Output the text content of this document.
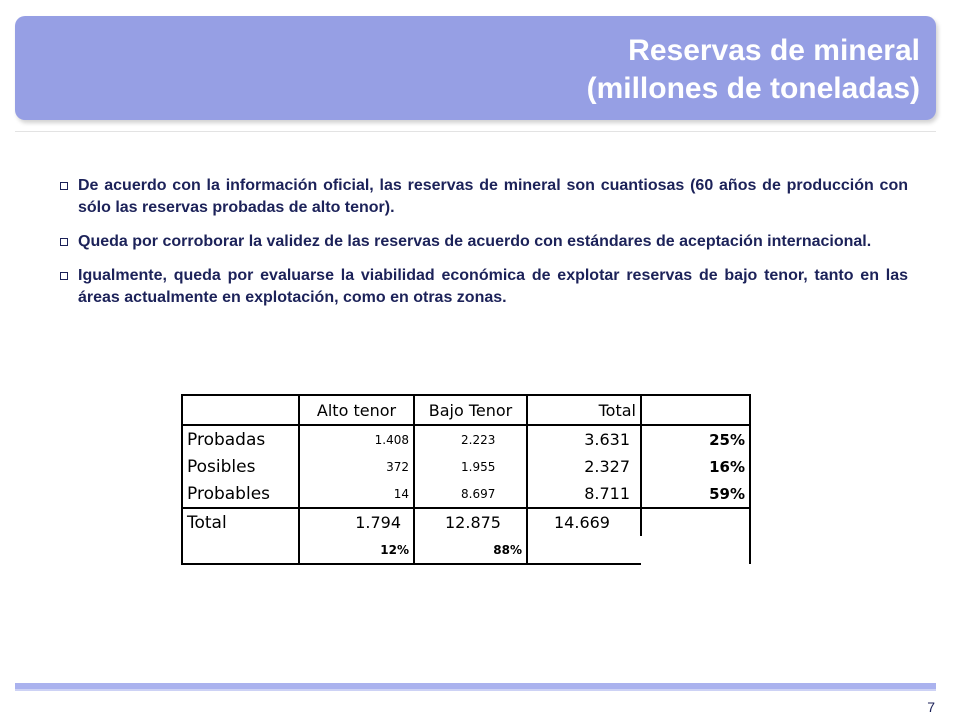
Reservas de mineral
(millones de toneladas)
De acuerdo con la información oficial, las reservas de mineral son cuantiosas (60 años de producción con sólo las reservas probadas de alto tenor).
Queda por corroborar la validez de las reservas de acuerdo con estándares de aceptación internacional.
Igualmente, queda por evaluarse la viabilidad económica de explotar reservas de bajo tenor, tanto en las áreas actualmente en explotación, como en otras zonas.
	Alto tenor	Bajo Tenor	Total	
Probadas	1.408	2.223	3.631	25%
Posibles	372	1.955	2.327	16%
Probables	14	8.697	8.711	59%
Total	1.794	12.875	14.669	
	12%	88%		
7
